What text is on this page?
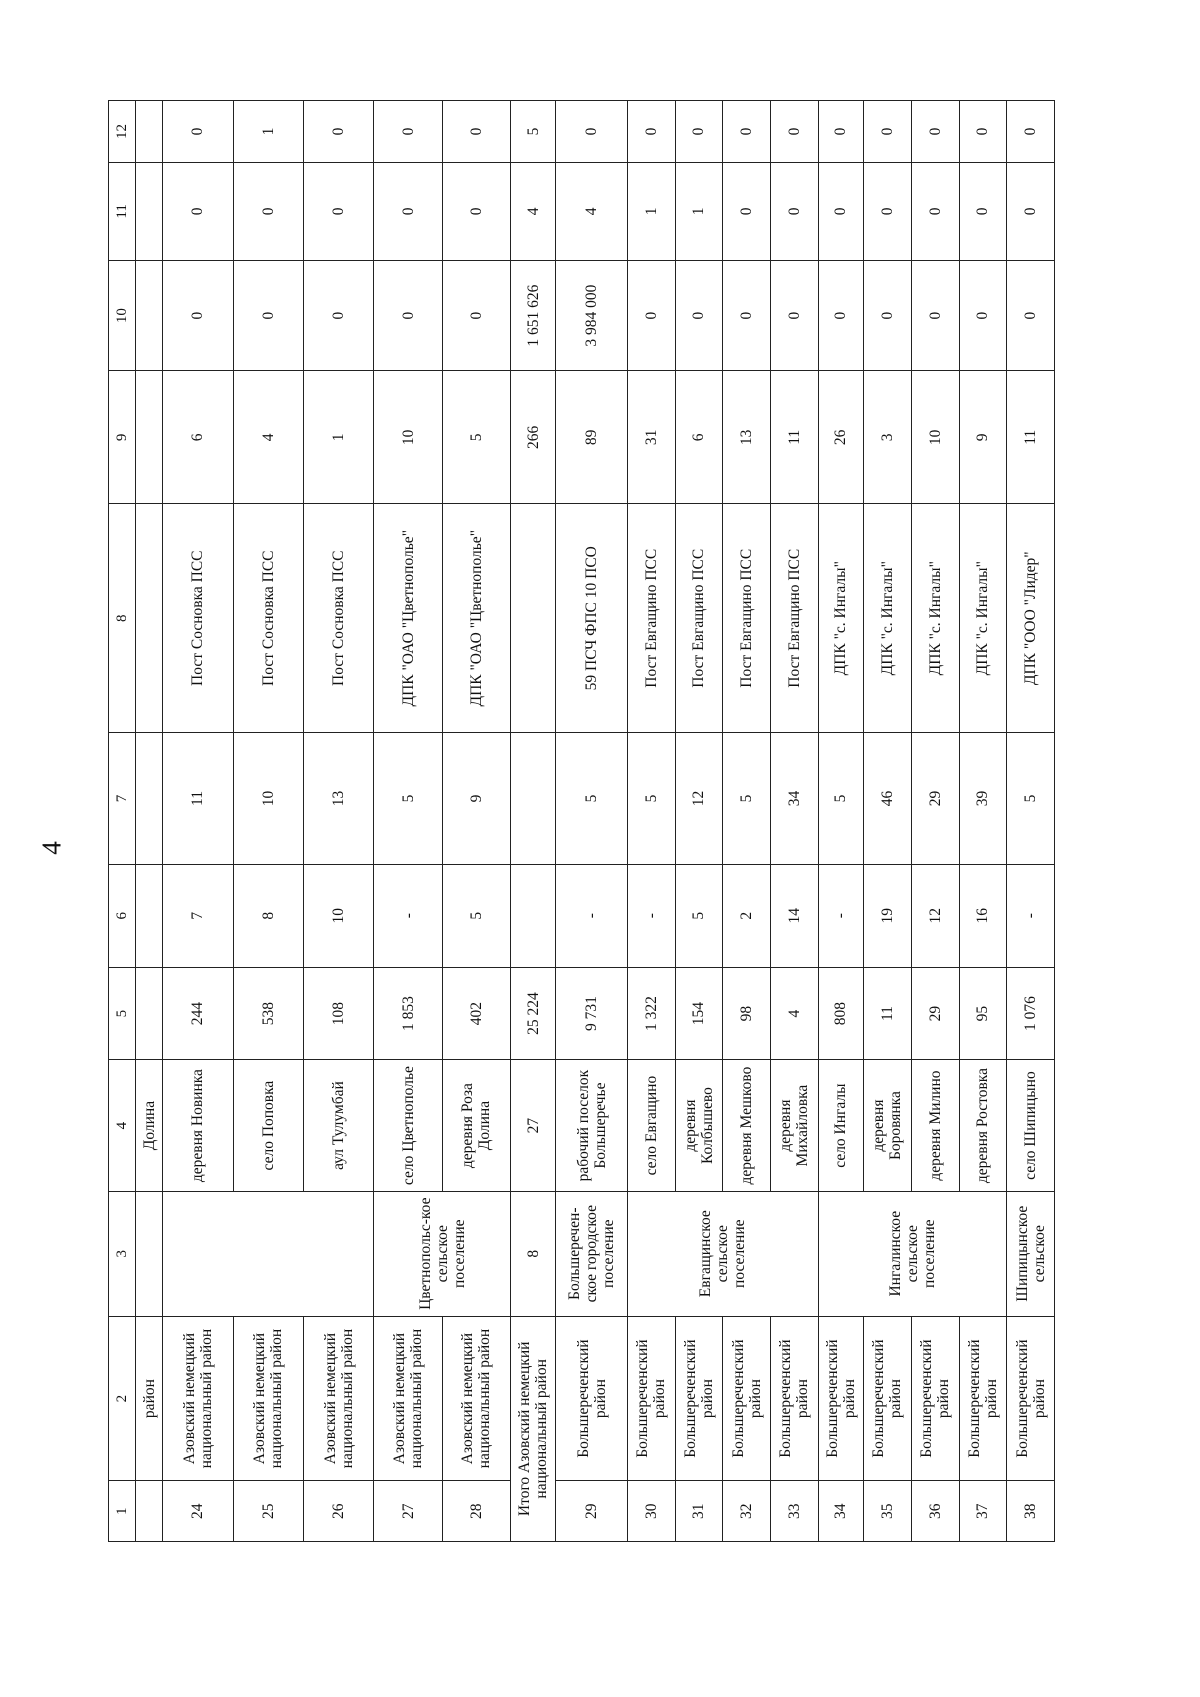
4
1	2	3	4	5	6	7	8	9	10	11	12
	район		Долина								
24	Азовский немецкий национальный район		деревня Новинка	244	7	11	Пост Сосновка ПСС	6	0	0	0
25	Азовский немецкий национальный район		село Поповка	538	8	10	Пост Сосновка ПСС	4	0	0	1
26	Азовский немецкий национальный район		аул Тулумбай	108	10	13	Пост Сосновка ПСС	1	0	0	0
27	Азовский немецкий национальный район	Цветнопольс-кое сельское поселение	село Цветнополье	1 853	-	5	ДПК "ОАО "Цветнополье"	10	0	0	0
28	Азовский немецкий национальный район		деревня Роза Долина	402	5	9	ДПК "ОАО "Цветнополье"	5	0	0	0
Итого Азовский немецкий национальный район		8	27	25 224				266	1 651 626	4	5
29	Большереченский район	Большеречен-ское городское поселение	рабочий поселок Большеречье	9 731	-	5	59 ПСЧ ФПС 10 ПСО	89	3 984 000	4	0
30	Большереченский район	Евгащинское сельское поселение	село Евгащино	1 322	-	5	Пост Евгащино ПСС	31	0	1	0
31	Большереченский район		деревня Колбышево	154	5	12	Пост Евгащино ПСС	6	0	1	0
32	Большереченский район		деревня Мешково	98	2	5	Пост Евгащино ПСС	13	0	0	0
33	Большереченский район		деревня Михайловка	4	14	34	Пост Евгащино ПСС	11	0	0	0
34	Большереченский район	Ингалинское сельское поселение	село Ингалы	808	-	5	ДПК "с. Ингалы"	26	0	0	0
35	Большереченский район		деревня Боровянка	11	19	46	ДПК "с. Ингалы"	3	0	0	0
36	Большереченский район		деревня Милино	29	12	29	ДПК "с. Ингалы"	10	0	0	0
37	Большереченский район		деревня Ростовка	95	16	39	ДПК "с. Ингалы"	9	0	0	0
38	Большереченский район	Шипицынское сельское	село Шипицыно	1 076	-	5	ДПК "ООО "Лидер"	11	0	0	0
